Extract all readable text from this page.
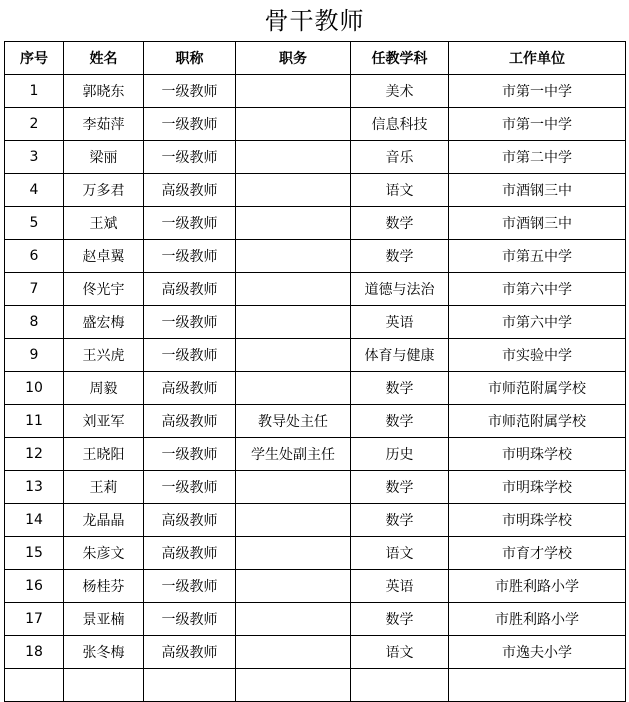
骨干教师
序号	姓名	职称	职务	任教学科	工作单位
1	郭晓东	一级教师		美术	市第一中学
2	李茹萍	一级教师		信息科技	市第一中学
3	梁丽	一级教师		音乐	市第二中学
4	万多君	高级教师		语文	市酒钢三中
5	王斌	一级教师		数学	市酒钢三中
6	赵卓翼	一级教师		数学	市第五中学
7	佟光宇	高级教师		道德与法治	市第六中学
8	盛宏梅	一级教师		英语	市第六中学
9	王兴虎	一级教师		体育与健康	市实验中学
10	周毅	高级教师		数学	市师范附属学校
11	刘亚军	高级教师	教导处主任	数学	市师范附属学校
12	王晓阳	一级教师	学生处副主任	历史	市明珠学校
13	王莉	一级教师		数学	市明珠学校
14	龙晶晶	高级教师		数学	市明珠学校
15	朱彦文	高级教师		语文	市育才学校
16	杨桂芬	一级教师		英语	市胜利路小学
17	景亚楠	一级教师		数学	市胜利路小学
18	张冬梅	高级教师		语文	市逸夫小学
